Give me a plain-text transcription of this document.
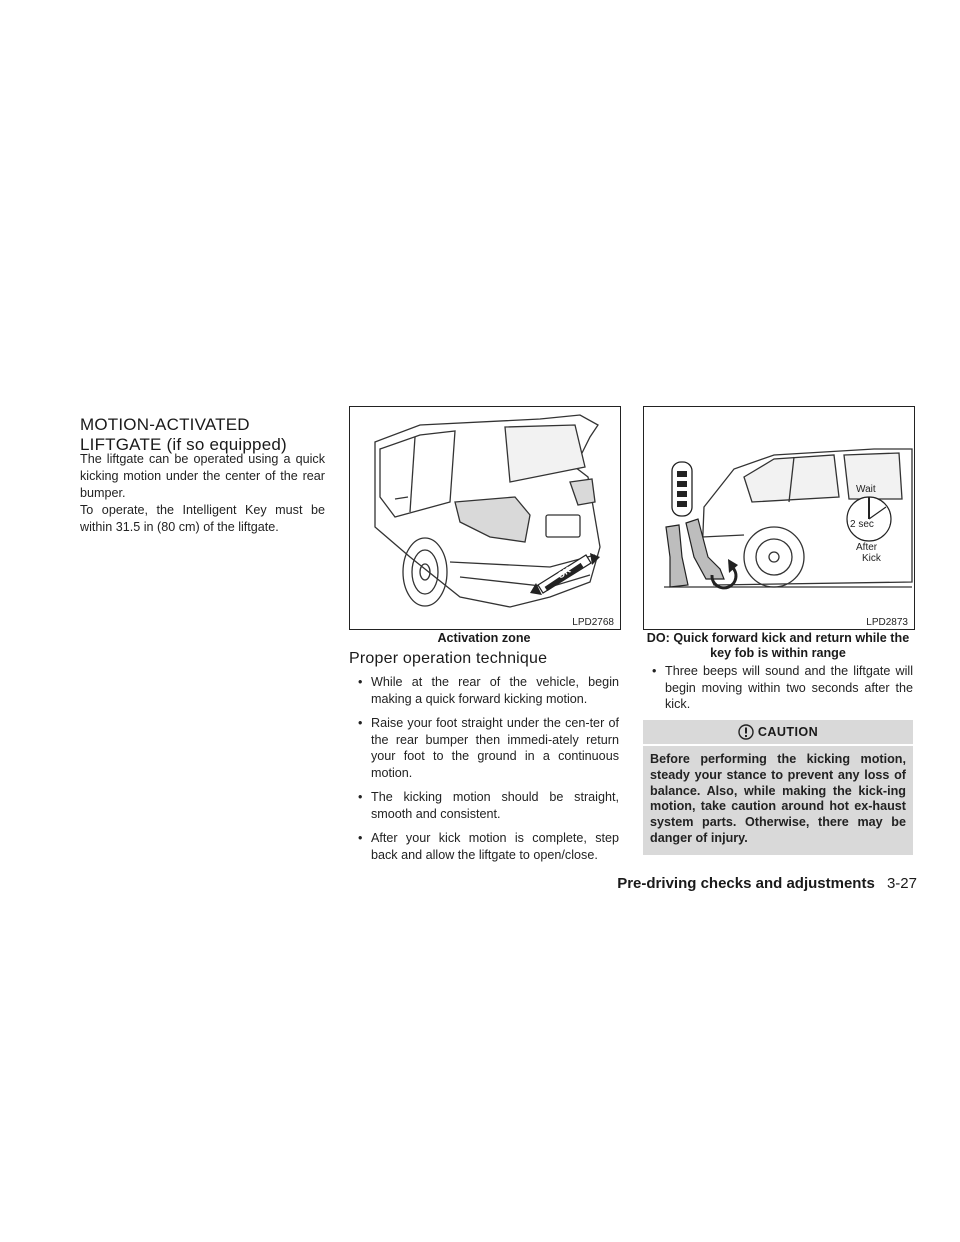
MOTION-ACTIVATED LIFTGATE (if so equipped)

The liftgate can be operated using a quick kicking motion under the center of the rear bumper.

To operate, the Intelligent Key must be within 31.5 in (80 cm) of the liftgate.

OK
LPD2768
Activation zone
Wait
2 sec
After
Kick
LPD2873
DO: Quick forward kick and return while the key fob is within range
Proper operation technique
• While at the rear of the vehicle, begin making a quick forward kicking motion.
• Raise your foot straight under the cen-ter of the rear bumper then immedi-ately return your foot to the ground in a continuous motion.
• The kicking motion should be straight, smooth and consistent.
• After your kick motion is complete, step back and allow the liftgate to open/close.
• Three beeps will sound and the liftgate will begin moving within two seconds after the kick.
CAUTION
Before performing the kicking motion, steady your stance to prevent any loss of balance. Also, while making the kick-ing motion, take caution around hot ex-haust system parts. Otherwise, there may be danger of injury.
Pre-driving checks and adjustments 3-27
